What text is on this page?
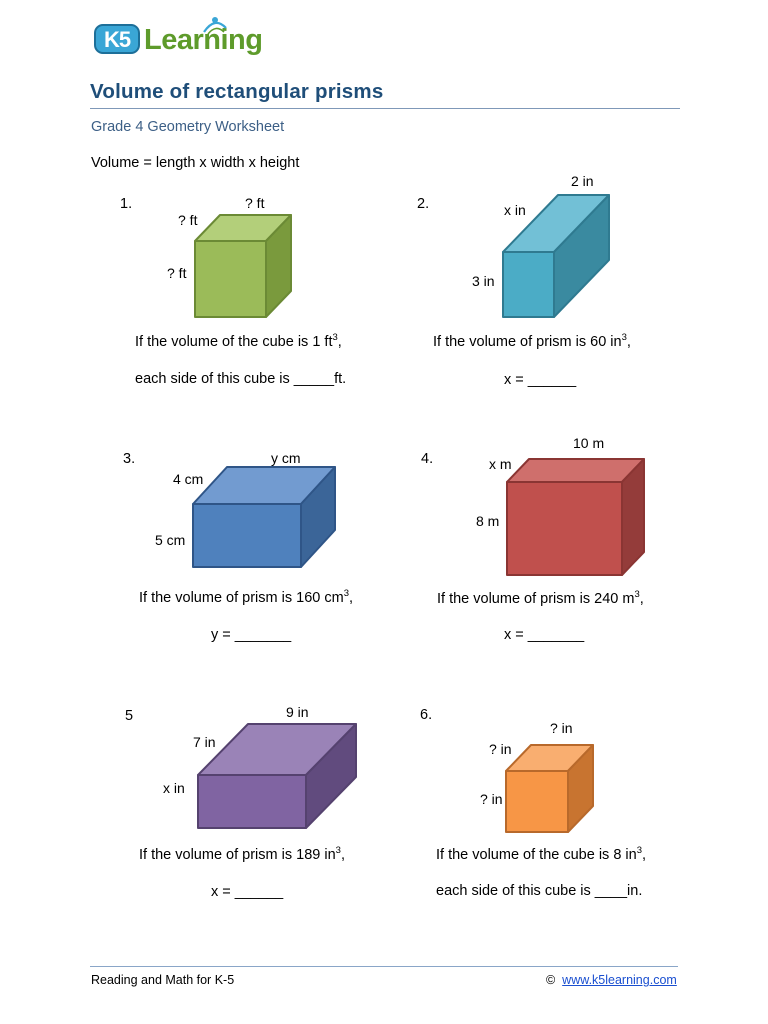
K5 Learning
Volume of rectangular prisms
Grade 4 Geometry Worksheet
Volume = length x width x height
1.	? ft
? ft
? ft
If the volume of the cube is 1 $ft^3$,
each side of this cube is _____ft.
2.
2 in
x in
3 in
If the volume of prism is 60 $in^3$,
x = ______
3.	y cm
4 cm
5 cm
If the volume of prism is 160 $cm^3$,
y = _______
4.
10 m
x m
8 m
If the volume of prism is 240 $m^3$,
x = _______
5	9 in
7 in
x in
If the volume of prism is 189 $in^3$,
x = ______
6.
? in
? in
? in
If the volume of the cube is 8 $in^3$,
each side of this cube is ____in.
Reading and Math for K-5	© www.k5learning.com
